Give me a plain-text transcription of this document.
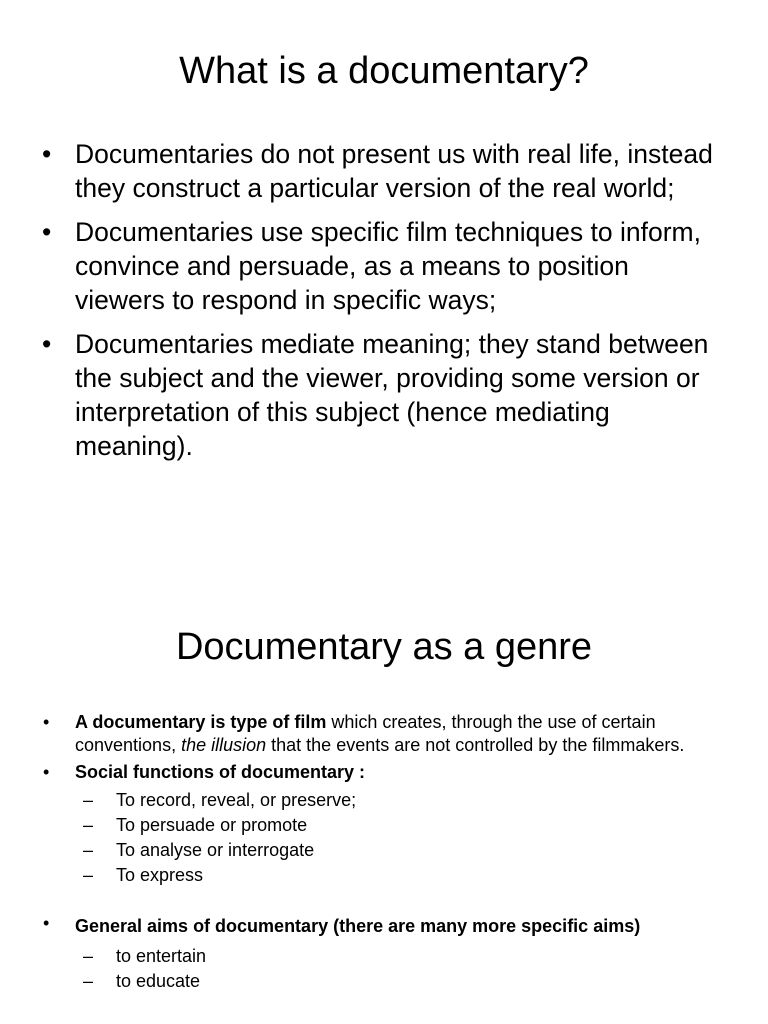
What is a documentary?
• Documentaries do not present us with real life, instead they construct a particular version of the real world;
• Documentaries use specific film techniques to inform, convince and persuade, as a means to position viewers to respond in specific ways;
• Documentaries mediate meaning; they stand between the subject and the viewer, providing some version or interpretation of this subject (hence mediating meaning).
Documentary as a genre
• A documentary is type of film which creates, through the use of certain conventions, the illusion that the events are not controlled by the filmmakers.
• Social functions of documentary :
– To record, reveal, or preserve;
– To persuade or promote
– To analyse or interrogate
– To express
• General aims of documentary (there are many more specific aims)
– to entertain
– to educate
